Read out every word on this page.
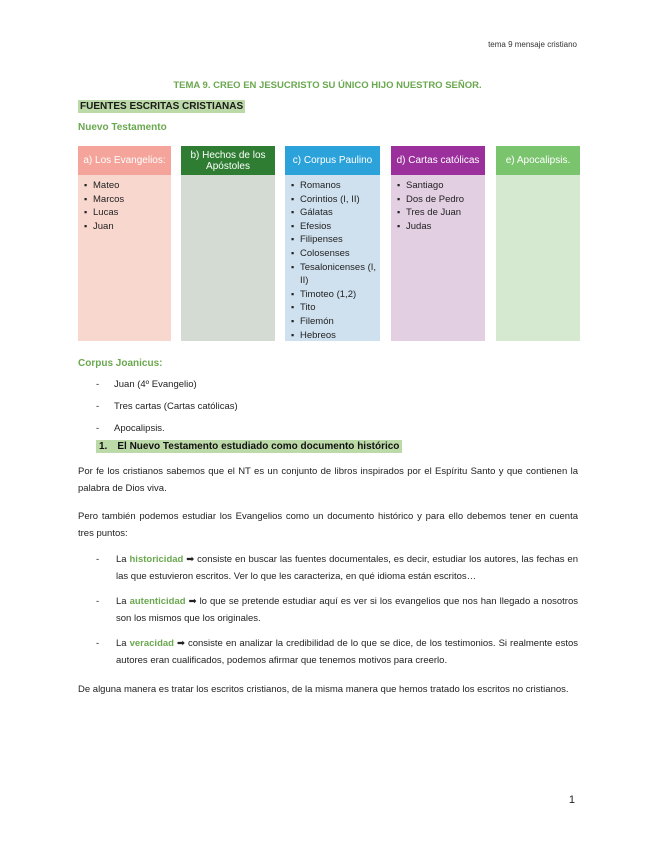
tema 9 mensaje cristiano
TEMA 9. CREO EN JESUCRISTO SU ÚNICO HIJO NUESTRO SEÑOR.
FUENTES ESCRITAS CRISTIANAS
Nuevo Testamento
a) Los Evangelios:
▪ Mateo
▪ Marcos
▪ Lucas
▪ Juan
b) Hechos de los Apóstoles	c) Corpus Paulino
▪ Romanos
▪ Corintios (I, II)
▪ Gálatas
▪ Efesios
▪ Filipenses
▪ Colosenses
▪ Tesalonicenses (I, II)
▪ Timoteo (1,2)
▪ Tito
▪ Filemón
▪ Hebreos
d) Cartas católicas
▪ Santiago
▪ Dos de Pedro
▪ Tres de Juan
▪ Judas
e) Apocalipsis.
Corpus Joanicus:
- Juan (4º Evangelio)
- Tres cartas (Cartas católicas)
- Apocalipsis.
1. El Nuevo Testamento estudiado como documento histórico
Por fe los cristianos sabemos que el NT es un conjunto de libros inspirados por el Espíritu Santo y que contienen la palabra de Dios viva.
Pero también podemos estudiar los Evangelios como un documento histórico y para ello debemos tener en cuenta tres puntos:
- La historicidad ➡ consiste en buscar las fuentes documentales, es decir, estudiar los autores, las fechas en las que estuvieron escritos. Ver lo que les caracteriza, en qué idioma están escritos…
- La autenticidad ➡ lo que se pretende estudiar aquí es ver si los evangelios que nos han llegado a nosotros son los mismos que los originales.
- La veracidad ➡ consiste en analizar la credibilidad de lo que se dice, de los testimonios. Si realmente estos autores eran cualificados, podemos afirmar que tenemos motivos para creerlo.
De alguna manera es tratar los escritos cristianos, de la misma manera que hemos tratado los escritos no cristianos.
1
